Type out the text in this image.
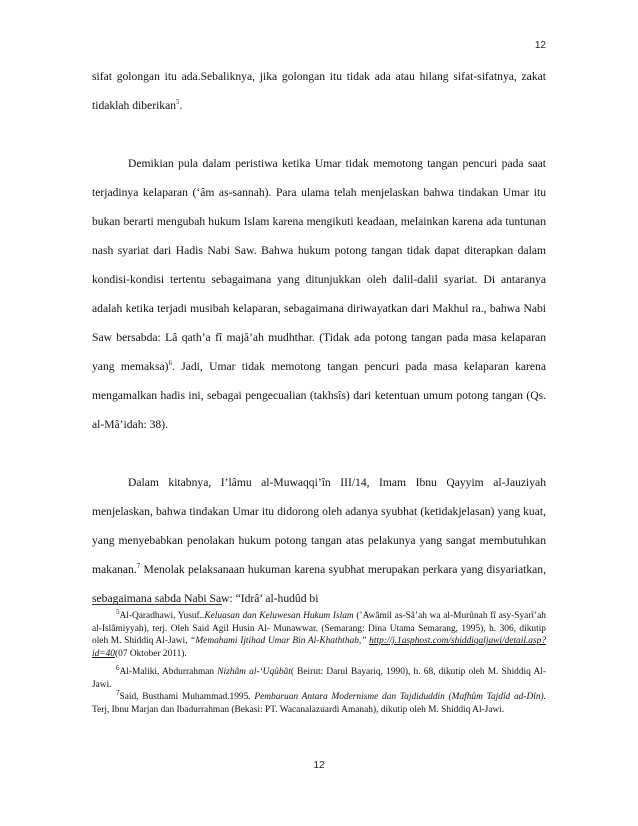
12

sifat golongan itu ada.Sebaliknya, jika golongan itu tidak ada atau hilang sifat-sifatnya, zakat tidaklah diberikan$^5$.

Demikian pula dalam peristiwa ketika Umar tidak memotong tangan pencuri pada saat terjadinya kelaparan (‘âm as-sannah). Para ulama telah menjelaskan bahwa tindakan Umar itu bukan berarti mengubah hukum Islam karena mengikuti keadaan, melainkan karena ada tuntunan nash syariat dari Hadis Nabi Saw. Bahwa hukum potong tangan tidak dapat diterapkan dalam kondisi-kondisi tertentu sebagaimana yang ditunjukkan oleh dalil-dalil syariat. Di antaranya adalah ketika terjadi musibah kelaparan, sebagaimana diriwayatkan dari Makhul ra., bahwa Nabi Saw bersabda: Lâ qath’a fî majâ’ah mudhthar. (Tidak ada potong tangan pada masa kelaparan yang memaksa)$^6$. Jadi, Umar tidak memotong tangan pencuri pada masa kelaparan karena mengamalkan hadis ini, sebagai pengecualian (takhsîs) dari ketentuan umum potong tangan (Qs. al-Mâ’idah: 38).

Dalam kitabnya, I’lâmu al-Muwaqqi’în III/14, Imam Ibnu Qayyim al-Jauziyah menjelaskan, bahwa tindakan Umar itu didorong oleh adanya syubhat (ketidakjelasan) yang kuat, yang menyebabkan penolakan hukum potong tangan atas pelakunya yang sangat membutuhkan makanan.$^7$ Menolak pelaksanaan hukuman karena syubhat merupakan perkara yang disyariatkan, sebagaimana sabda Nabi Saw: “Idrâ’ al-hudûd bi

$^5$Al-Qaradhawi, Yusuf..Keluasan dan Keluwesan Hukum Islam (’Awâmil as-Sâ’ah wa al-Murûnah fî asy-Syarî’ah al-Islâmiyyah), terj. Oleh Said Agil Husin Al- Munawwar. (Semarang: Dina Utama Semarang, 1995), h. 306, dikutip oleh M. Shiddiq Al-Jawi, “Memahami Ijtihad Umar Bin Al-Khaththab,” http://j.1asphost.com/shiddiqaljawi/detail.asp?id=40(07 Oktober 2011).
$^6$Al-Maliki, Abdurrahman Nizhâm al-‘Uqûbât( Beirut: Darul Bayariq, 1990), h. 68, dikutip oleh M. Shiddiq Al-Jawi.
$^7$Said, Busthami Muhammad.1995. Pembaruan Antara Modernisme dan Tajdiduddin (Mafhûm Tajdîd ad-Dîn). Terj, Ibnu Marjan dan Ibadurrahman (Bekasi: PT. Wacanalazuardi Amanah), dikutip oleh M. Shiddiq Al-Jawi.
12
